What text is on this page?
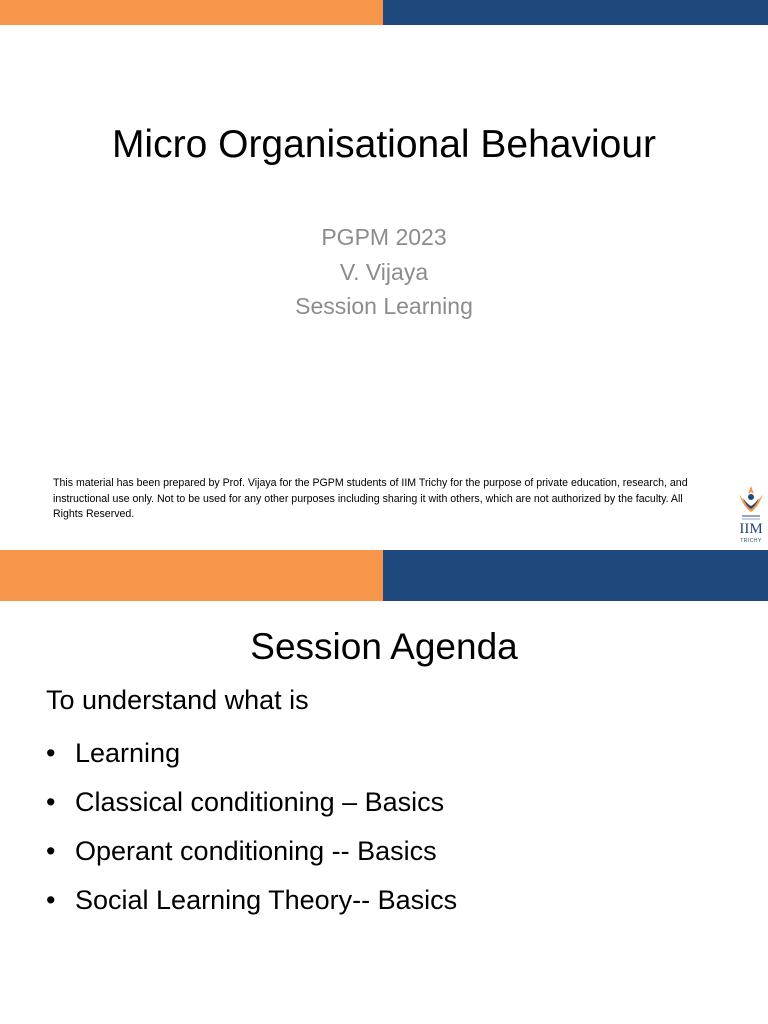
Micro Organisational Behaviour
PGPM 2023
V. Vijaya
Session Learning
This material has been prepared by Prof. Vijaya for the PGPM students of IIM Trichy for the purpose of private education, research, and instructional use only. Not to be used for any other purposes including sharing it with others, which are not authorized by the faculty. All Rights Reserved.
IIM
TRICHY
Session Agenda
To understand what is
• Learning
• Classical conditioning – Basics
• Operant conditioning -- Basics
• Social Learning Theory-- Basics
